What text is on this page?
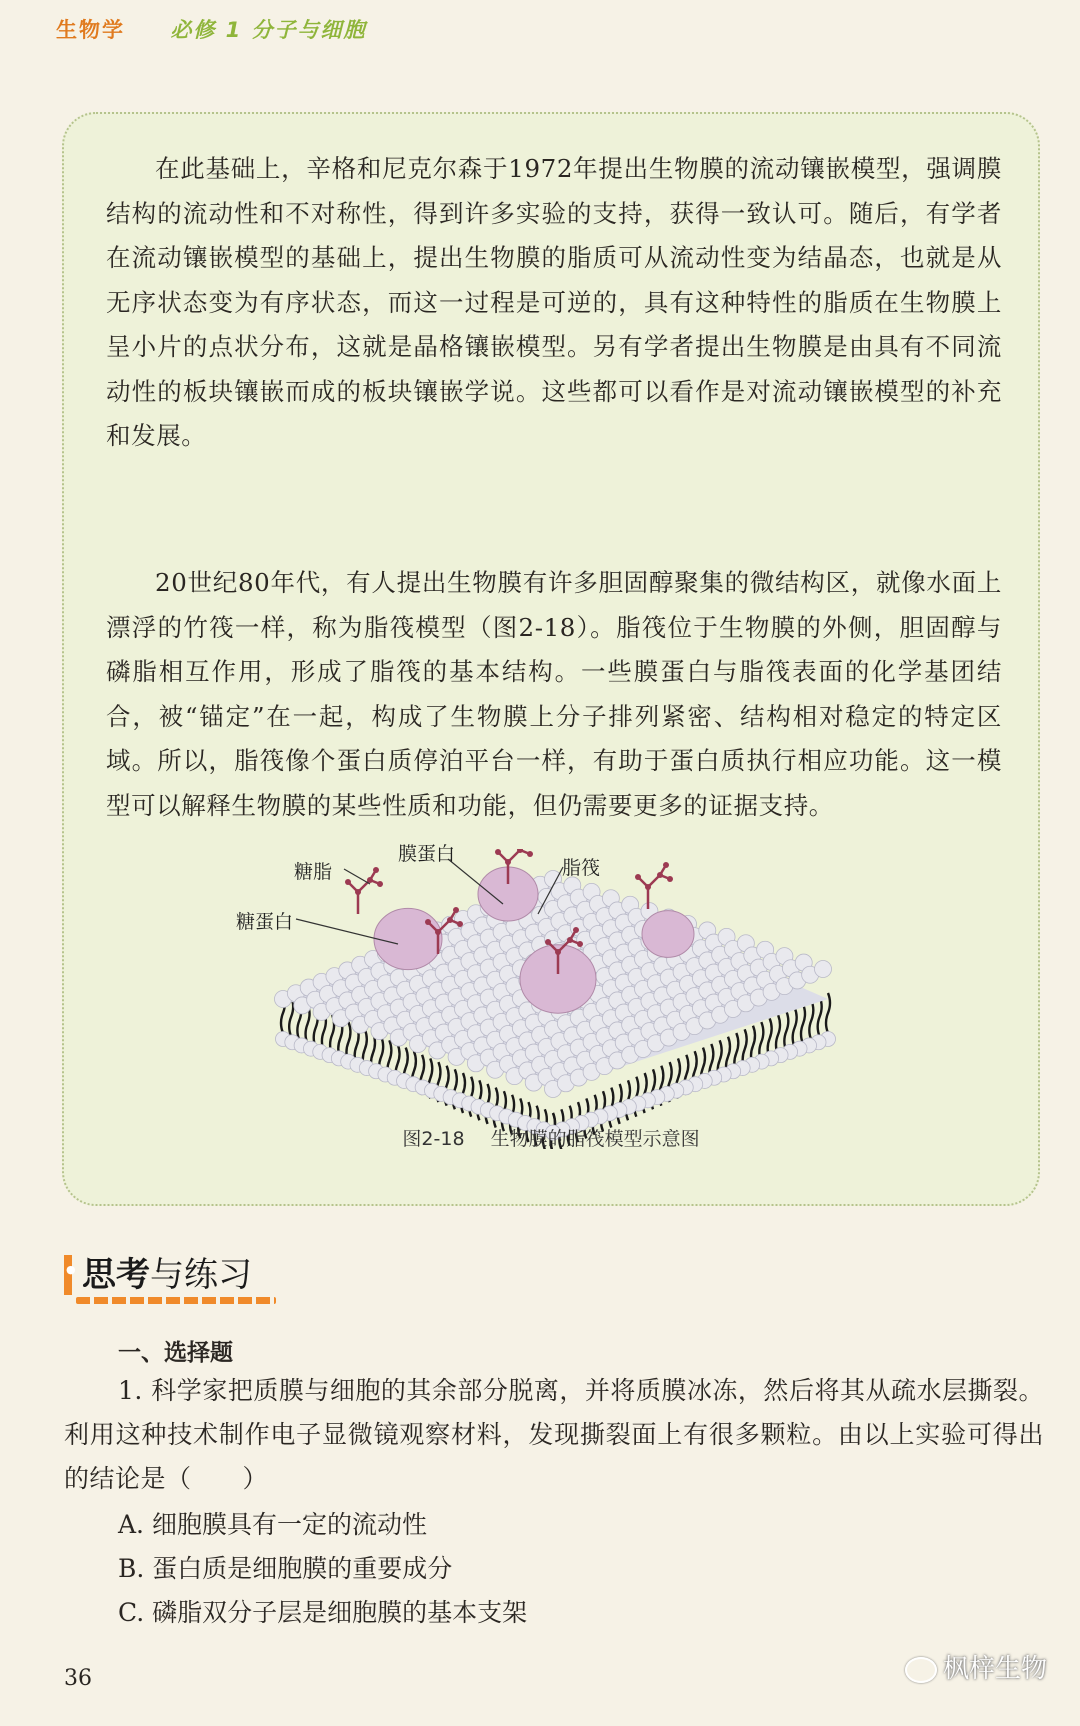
生物学 必修 1 分子与细胞

在此基础上，辛格和尼克尔森于1972年提出生物膜的流动镶嵌模型，强调膜结构的流动性和不对称性，得到许多实验的支持，获得一致认可。随后，有学者在流动镶嵌模型的基础上，提出生物膜的脂质可从流动性变为结晶态，也就是从无序状态变为有序状态，而这一过程是可逆的，具有这种特性的脂质在生物膜上呈小片的点状分布，这就是晶格镶嵌模型。另有学者提出生物膜是由具有不同流动性的板块镶嵌而成的板块镶嵌学说。这些都可以看作是对流动镶嵌模型的补充和发展。

20世纪80年代，有人提出生物膜有许多胆固醇聚集的微结构区，就像水面上漂浮的竹筏一样，称为脂筏模型（图2-18）。脂筏位于生物膜的外侧，胆固醇与磷脂相互作用，形成了脂筏的基本结构。一些膜蛋白与脂筏表面的化学基团结合，被“锚定”在一起，构成了生物膜上分子排列紧密、结构相对稳定的特定区域。所以，脂筏像个蛋白质停泊平台一样，有助于蛋白质执行相应功能。这一模型可以解释生物膜的某些性质和功能，但仍需要更多的证据支持。

糖脂
膜蛋白
脂筏
糖蛋白
图2-18 生物膜的脂筏模型示意图
● 思考与练习
一、选择题

1. 科学家把质膜与细胞的其余部分脱离，并将质膜冰冻，然后将其从疏水层撕裂。利用这种技术制作电子显微镜观察材料，发现撕裂面上有很多颗粒。由以上实验可得出的结论是（　　）

A. 细胞膜具有一定的流动性
B. 蛋白质是细胞膜的重要成分
C. 磷脂双分子层是细胞膜的基本支架
36	枫梓生物
